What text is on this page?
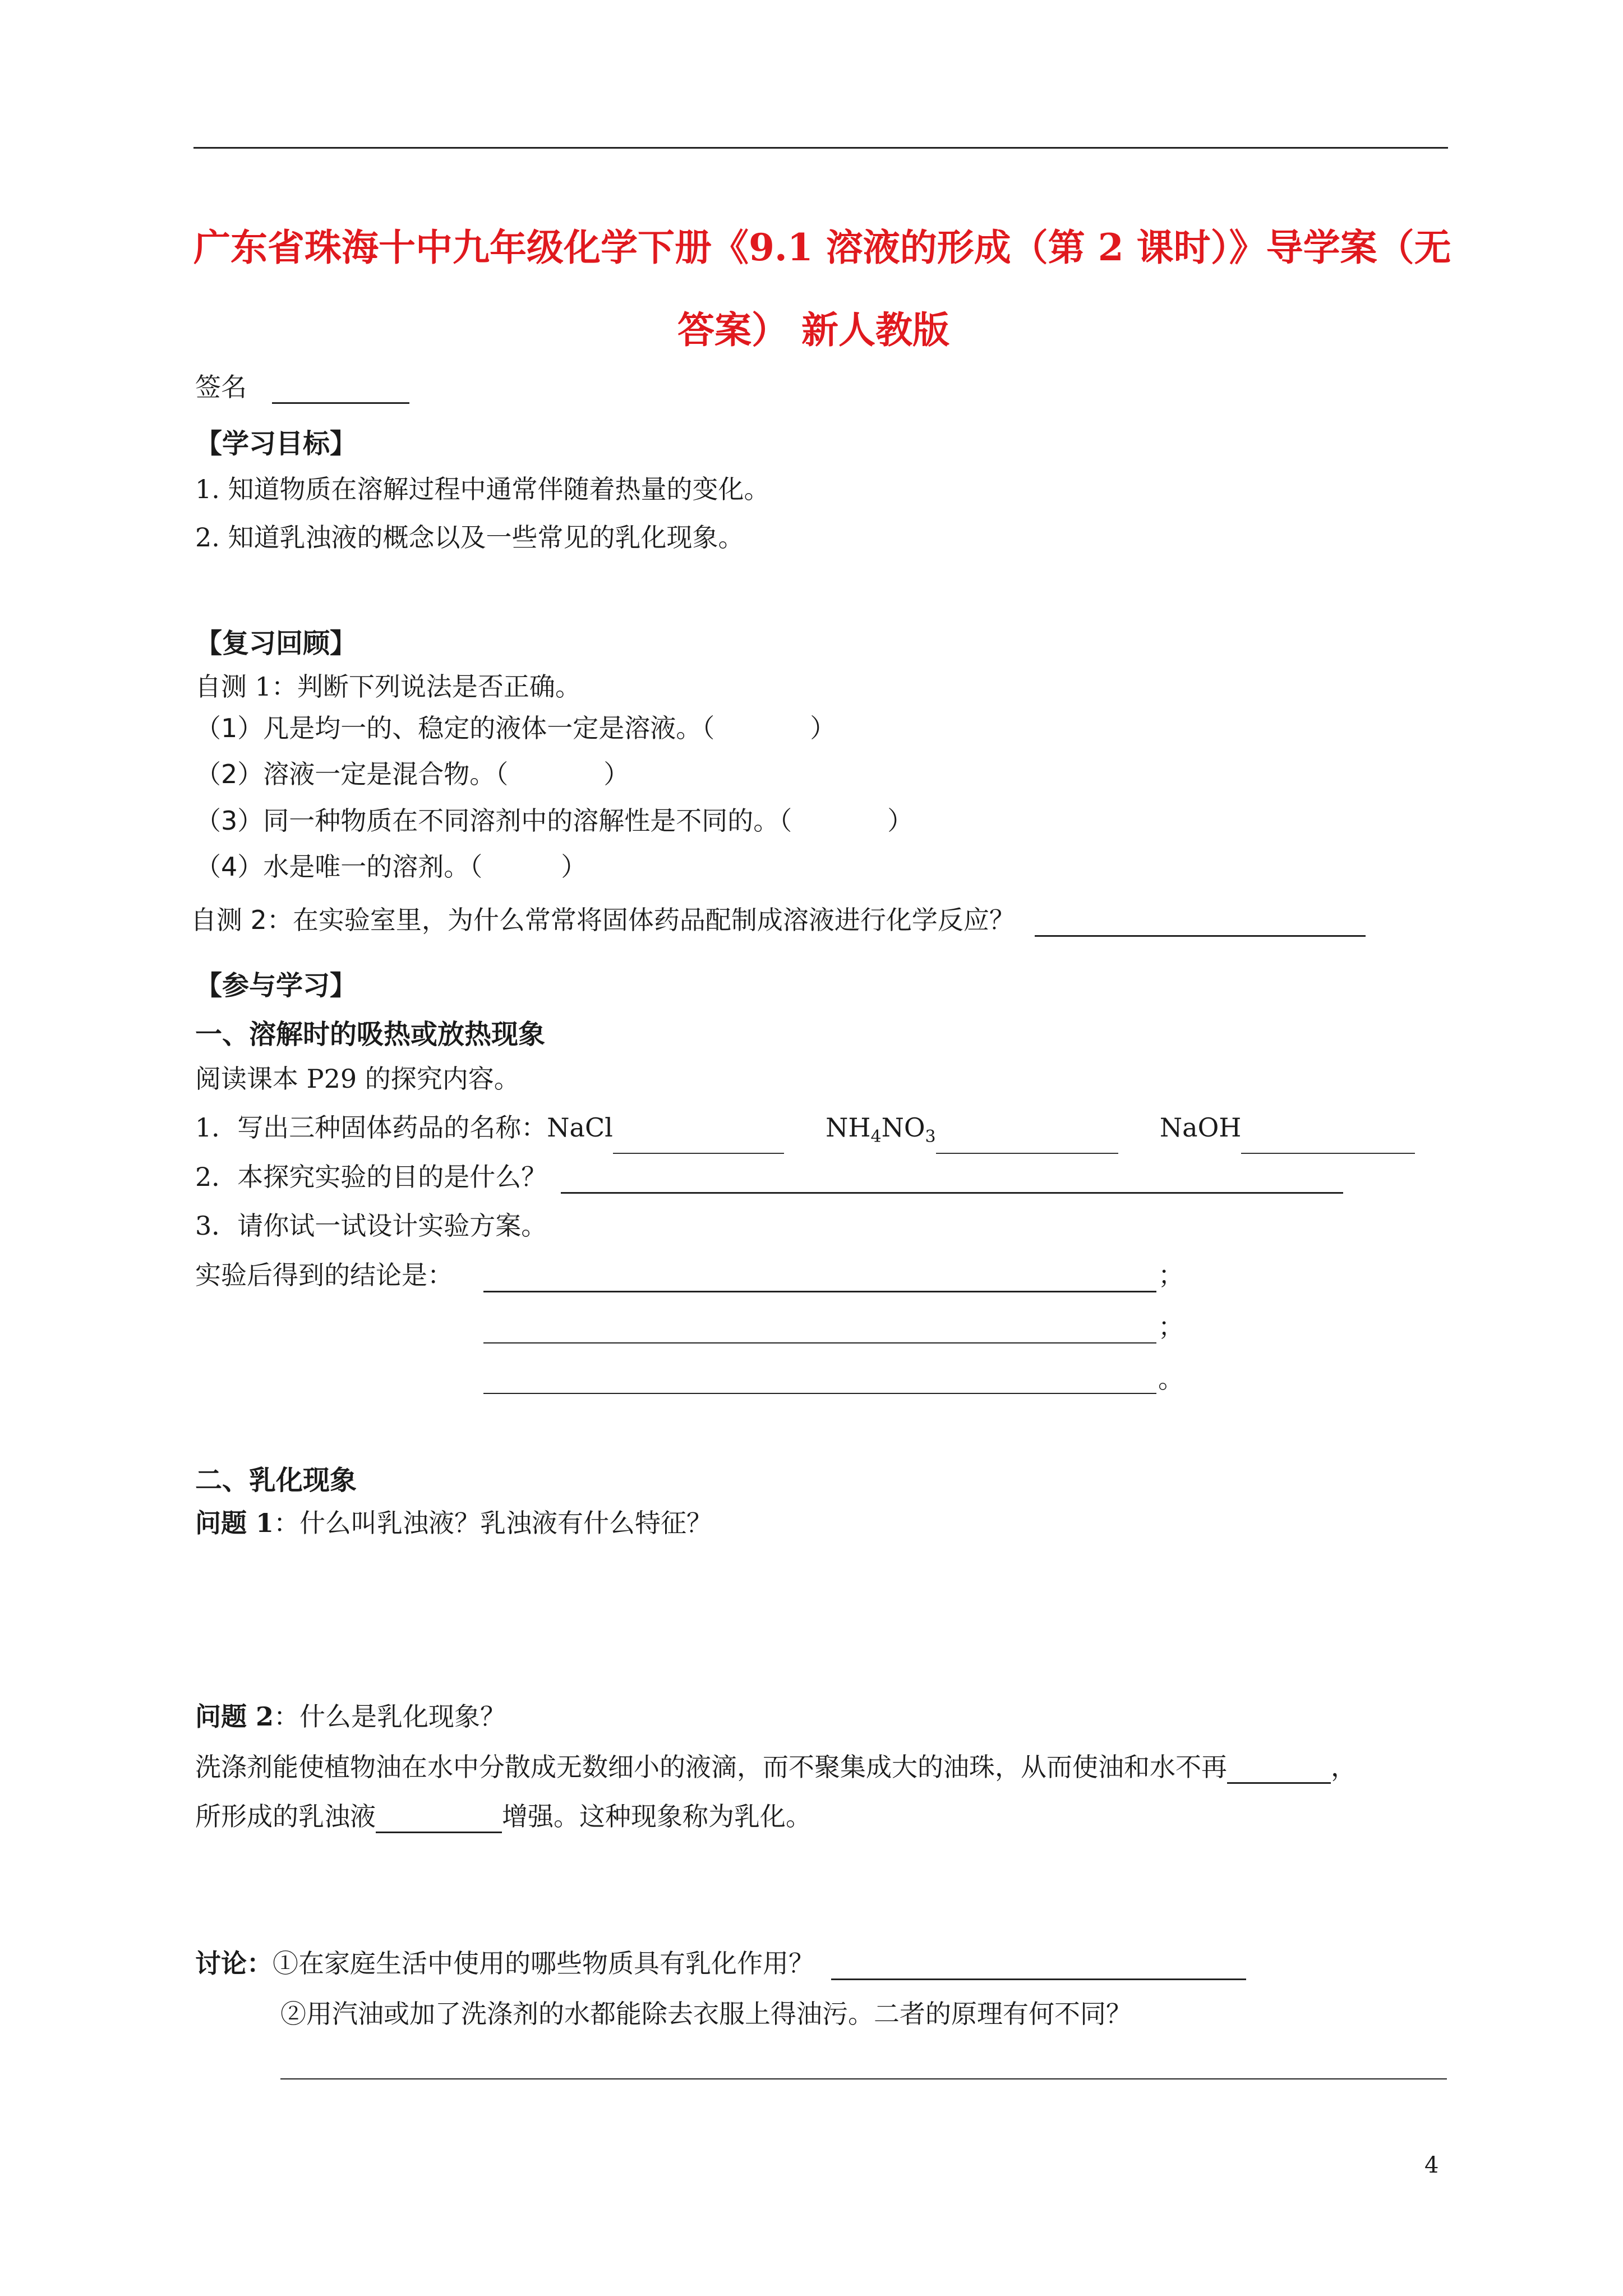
广东省珠海十中九年级化学下册《9.1 溶液的形成（第 2 课时）》导学案（无
答案） 新人教版
签名
【学习目标】
1. 知道物质在溶解过程中通常伴随着热量的变化。
2. 知道乳浊液的概念以及一些常见的乳化现象。
【复习回顾】
自测 1：判断下列说法是否正确。
（1）凡是均一的、稳定的液体一定是溶液。（	）
（2）溶液一定是混合物。（	）
（3）同一种物质在不同溶剂中的溶解性是不同的。（	）
（4）水是唯一的溶剂。（	）
自测 2：在实验室里，为什么常常将固体药品配制成溶液进行化学反应？
【参与学习】
一、溶解时的吸热或放热现象
阅读课本 P29 的探究内容。
1．写出三种固体药品的名称：NaCl	$NH_4NO_3$	NaOH
2．本探究实验的目的是什么？
3．请你试一试设计实验方案。
实验后得到的结论是：	；
；
。
二、乳化现象
问题 1：什么叫乳浊液？乳浊液有什么特征？
问题 2：什么是乳化现象？
洗涤剂能使植物油在水中分散成无数细小的液滴，而不聚集成大的油珠，从而使油和水不再	，
所形成的乳浊液	增强。这种现象称为乳化。
讨论：①在家庭生活中使用的哪些物质具有乳化作用？
②用汽油或加了洗涤剂的水都能除去衣服上得油污。二者的原理有何不同？
4
